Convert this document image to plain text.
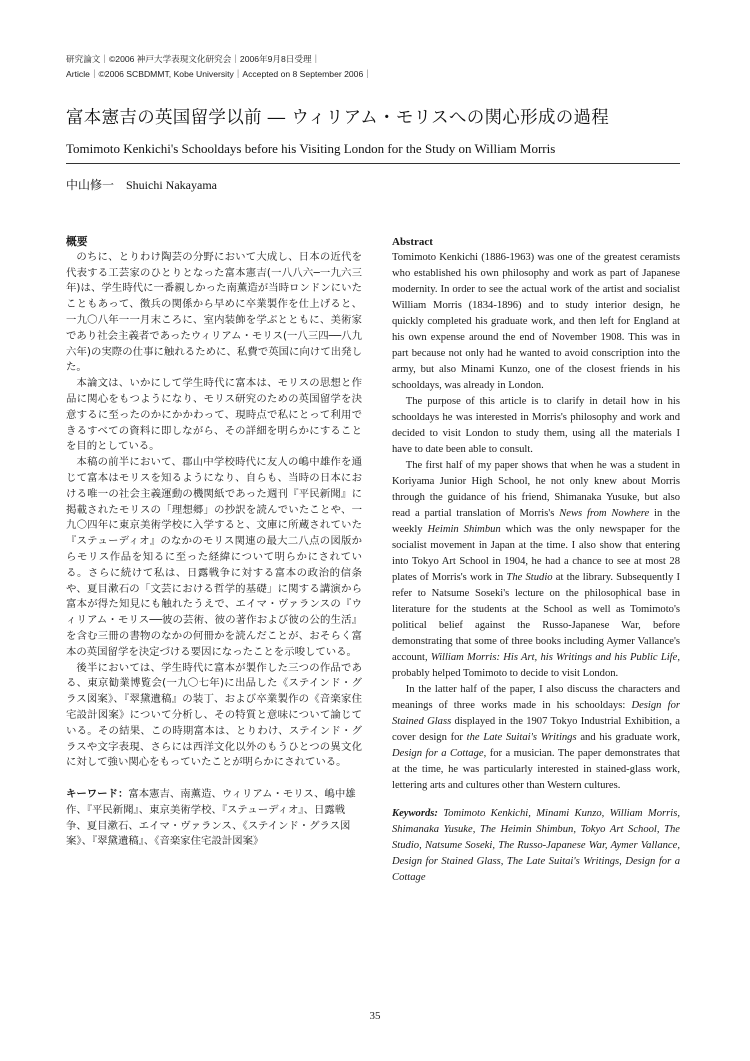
研究論文｜©2006 神戸大学表現文化研究会｜2006年9月8日受理｜
Article｜©2006 SCBDMMT, Kobe University｜Accepted on 8 September 2006｜
富本憲吉の英国留学以前 ― ウィリアム・モリスへの関心形成の過程
Tomimoto Kenkichi's Schooldays before his Visiting London for the Study on William Morris
中山修一　Shuichi Nakayama
概要

のちに、とりわけ陶芸の分野において大成し、日本の近代を代表する工芸家のひとりとなった富本憲吉(一八八六─一九六三年)は、学生時代に一番親しかった南薫造が当時ロンドンにいたこともあって、徴兵の関係から早めに卒業製作を仕上げると、一九〇八年一一月末ころに、室内装飾を学ぶとともに、美術家であり社会主義者であったウィリアム・モリス(一八三四──八九六年)の実際の仕事に触れるために、私費で英国に向けて出発した。

本論文は、いかにして学生時代に富本は、モリスの思想と作品に関心をもつようになり、モリス研究のための英国留学を決意するに至ったのかにかかわって、現時点で私にとって利用できるすべての資料に即しながら、その詳細を明らかにすることを目的としている。

本稿の前半において、郡山中学校時代に友人の嶋中雄作を通じて富本はモリスを知るようになり、自らも、当時の日本における唯一の社会主義運動の機関紙であった週刊『平民新聞』に掲載されたモリスの「理想郷」の抄訳を読んでいたことや、一九〇四年に東京美術学校に入学すると、文庫に所蔵されていた『ステューディオ』のなかのモリス関連の最大二八点の図版からモリス作品を知るに至った経緯について明らかにされている。さらに続けて私は、日露戦争に対する富本の政治的信条や、夏目漱石の「文芸における哲学的基礎」に関する講演から富本が得た知見にも触れたうえで、エイマ・ヴァランスの『ウィリアム・モリス──彼の芸術、彼の著作および彼の公的生活』を含む三冊の書物のなかの何冊かを読んだことが、おそらく富本の英国留学を決定づける要因になったことを示唆している。

後半においては、学生時代に富本が製作した三つの作品である、東京勧業博覧会(一九〇七年)に出品した《ステインド・グラス図案》、『翠黛遺稿』の装丁、および卒業製作の《音楽家住宅設計図案》について分析し、その特質と意味について論じている。その結果、この時期富本は、とりわけ、ステインド・グラスや文字表現、さらには西洋文化以外のもうひとつの異文化に対して強い関心をもっていたことが明らかにされている。

キーワード：富本憲吉、南薫造、ウィリアム・モリス、嶋中雄作、『平民新聞』、東京美術学校、『ステューディオ』、日露戦争、夏目漱石、エイマ・ヴァランス、《ステインド・グラス図案》、『翠黛遺稿』、《音楽家住宅設計図案》
Abstract

Tomimoto Kenkichi (1886-1963) was one of the greatest ceramists who established his own philosophy and work as part of Japanese modernity. In order to see the actual work of the artist and socialist William Morris (1834-1896) and to study interior design, he quickly completed his graduate work, and then left for England at his own expense around the end of November 1908. This was in part because not only had he wanted to avoid conscription into the army, but also Minami Kunzo, one of the closest friends in his schooldays, was already in London.

The purpose of this article is to clarify in detail how in his schooldays he was interested in Morris's philosophy and work and decided to visit London to study them, using all the materials I have to date been able to consult.

The first half of my paper shows that when he was a student in Koriyama Junior High School, he not only knew about Morris through the guidance of his friend, Shimanaka Yusuke, but also read a partial translation of Morris's News from Nowhere in the weekly Heimin Shimbun which was the only newspaper for the socialist movement in Japan at the time. I also show that entering into Tokyo Art School in 1904, he had a chance to see at most 28 plates of Morris's work in The Studio at the library. Subsequently I refer to Natsume Soseki's lecture on the philosophical base in literature for the students at the School as well as Tomimoto's political belief against the Russo-Japanese War, before demonstrating that some of three books including Aymer Vallance's account, William Morris: His Art, his Writings and his Public Life, probably helped Tomimoto to decide to visit London.

In the latter half of the paper, I also discuss the characters and meanings of three works made in his schooldays: Design for Stained Glass displayed in the 1907 Tokyo Industrial Exhibition, a cover design for the Late Suitai's Writings and his graduate work, Design for a Cottage, for a musician. The paper demonstrates that at the time, he was particularly interested in stained-glass work, lettering arts and cultures other than Western cultures.

Keywords: Tomimoto Kenkichi, Minami Kunzo, William Morris, Shimanaka Yusuke, The Heimin Shimbun, Tokyo Art School, The Studio, Natsume Soseki, The Russo-Japanese War, Aymer Vallance, Design for Stained Glass, The Late Suitai's Writings, Design for a Cottage
35
